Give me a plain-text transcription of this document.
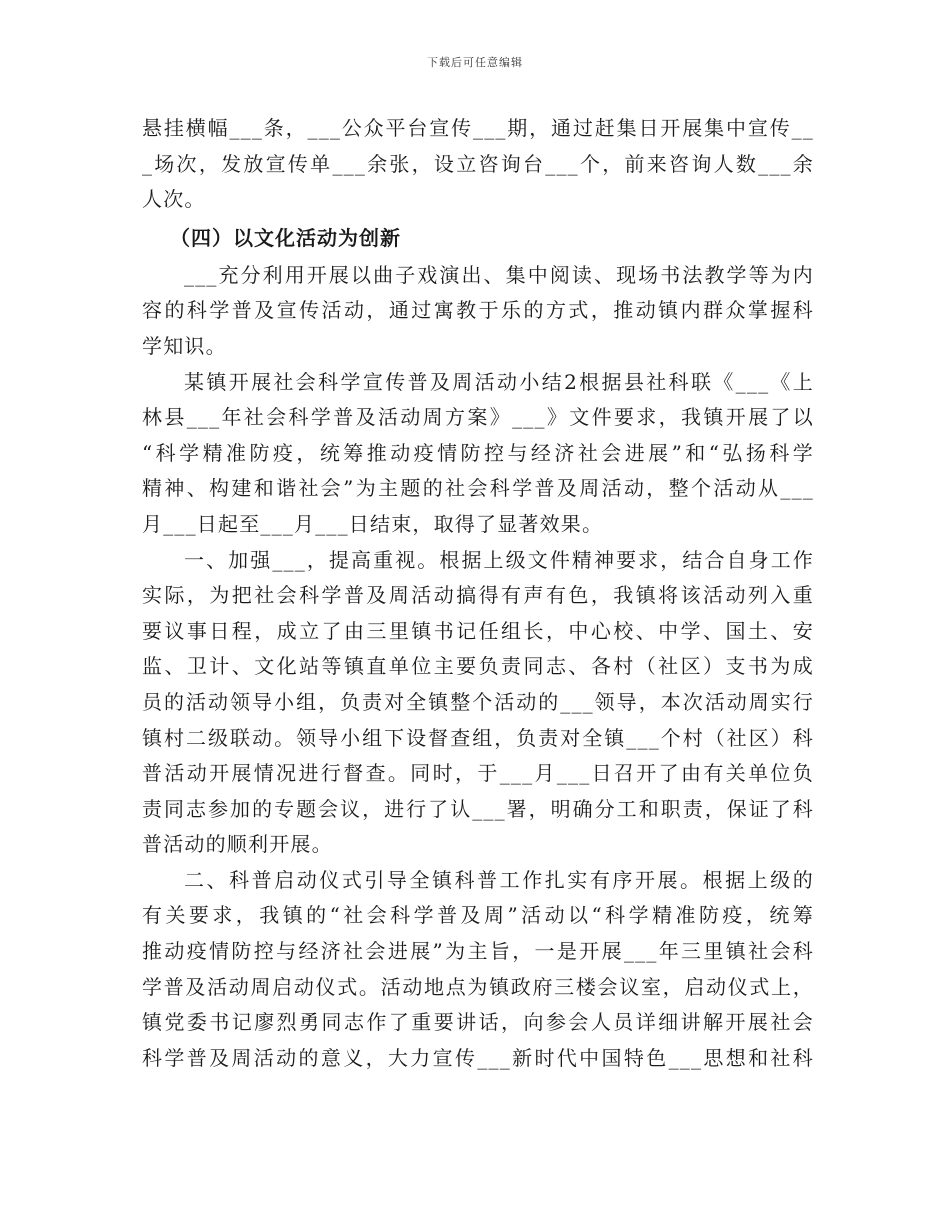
下载后可任意编辑
悬挂横幅___条，___公众平台宣传___期，通过赶集日开展集中宣传__
_场次，发放宣传单___余张，设立咨询台___个，前来咨询人数___余
人次。
（四）以文化活动为创新
___充分利用开展以曲子戏演出、集中阅读、现场书法教学等为内
容的科学普及宣传活动，通过寓教于乐的方式，推动镇内群众掌握科
学知识。
某镇开展社会科学宣传普及周活动小结2根据县社科联《___《上
林县___年社会科学普及活动周方案》___》文件要求，我镇开展了以
“科学精准防疫，统筹推动疫情防控与经济社会进展”和“弘扬科学
精神、构建和谐社会”为主题的社会科学普及周活动，整个活动从___
月___日起至___月___日结束，取得了显著效果。
一、加强___，提高重视。根据上级文件精神要求，结合自身工作
实际，为把社会科学普及周活动搞得有声有色，我镇将该活动列入重
要议事日程，成立了由三里镇书记任组长，中心校、中学、国土、安
监、卫计、文化站等镇直单位主要负责同志、各村（社区）支书为成
员的活动领导小组，负责对全镇整个活动的___领导，本次活动周实行
镇村二级联动。领导小组下设督查组，负责对全镇___个村（社区）科
普活动开展情况进行督查。同时，于___月___日召开了由有关单位负
责同志参加的专题会议，进行了认___署，明确分工和职责，保证了科
普活动的顺利开展。
二、科普启动仪式引导全镇科普工作扎实有序开展。根据上级的
有关要求，我镇的“社会科学普及周”活动以“科学精准防疫，统筹
推动疫情防控与经济社会进展”为主旨，一是开展___年三里镇社会科
学普及活动周启动仪式。活动地点为镇政府三楼会议室，启动仪式上，
镇党委书记廖烈勇同志作了重要讲话，向参会人员详细讲解开展社会
科学普及周活动的意义，大力宣传___新时代中国特色___思想和社科
